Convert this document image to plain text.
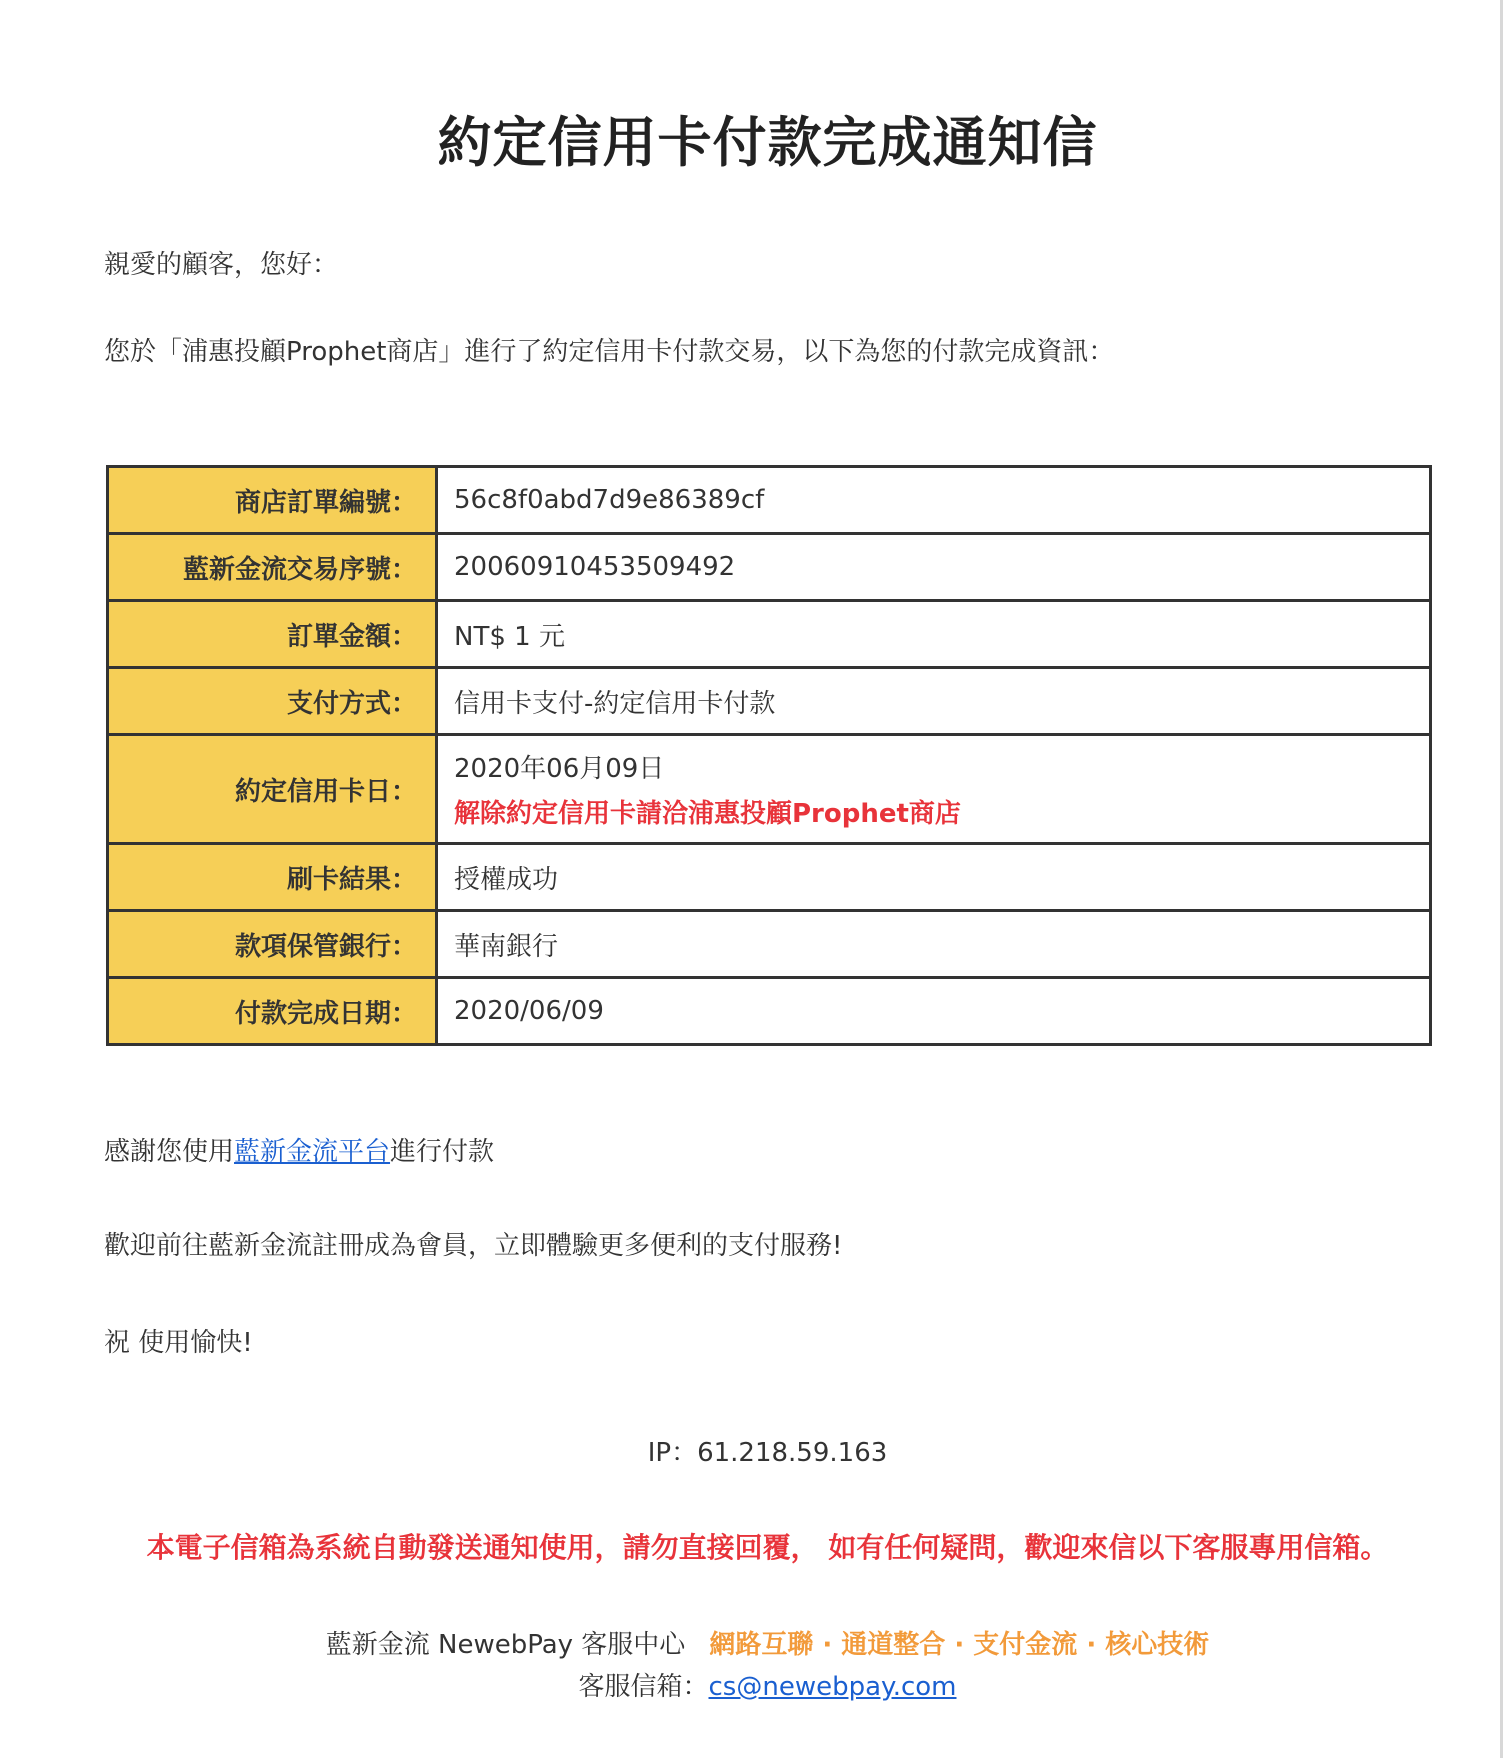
約定信用卡付款完成通知信
親愛的顧客，您好：
您於「浦惠投顧Prophet商店」進行了約定信用卡付款交易，以下為您的付款完成資訊：
商店訂單編號：	56c8f0abd7d9e86389cf
藍新金流交易序號：	20060910453509492
訂單金額：	NT$ 1 元
支付方式：	信用卡支付-約定信用卡付款
約定信用卡日：	2020年06月09日
解除約定信用卡請洽浦惠投顧Prophet商店

刷卡結果：	授權成功
款項保管銀行：	華南銀行
付款完成日期：	2020/06/09
感謝您使用藍新金流平台進行付款
歡迎前往藍新金流註冊成為會員，立即體驗更多便利的支付服務!
祝 使用愉快!
IP：61.218.59.163
本電子信箱為系統自動發送通知使用，請勿直接回覆， 如有任何疑問，歡迎來信以下客服專用信箱。
藍新金流 NewebPay 客服中心 網路互聯 · 通道整合 · 支付金流 · 核心技術
客服信箱：cs@newebpay.com
